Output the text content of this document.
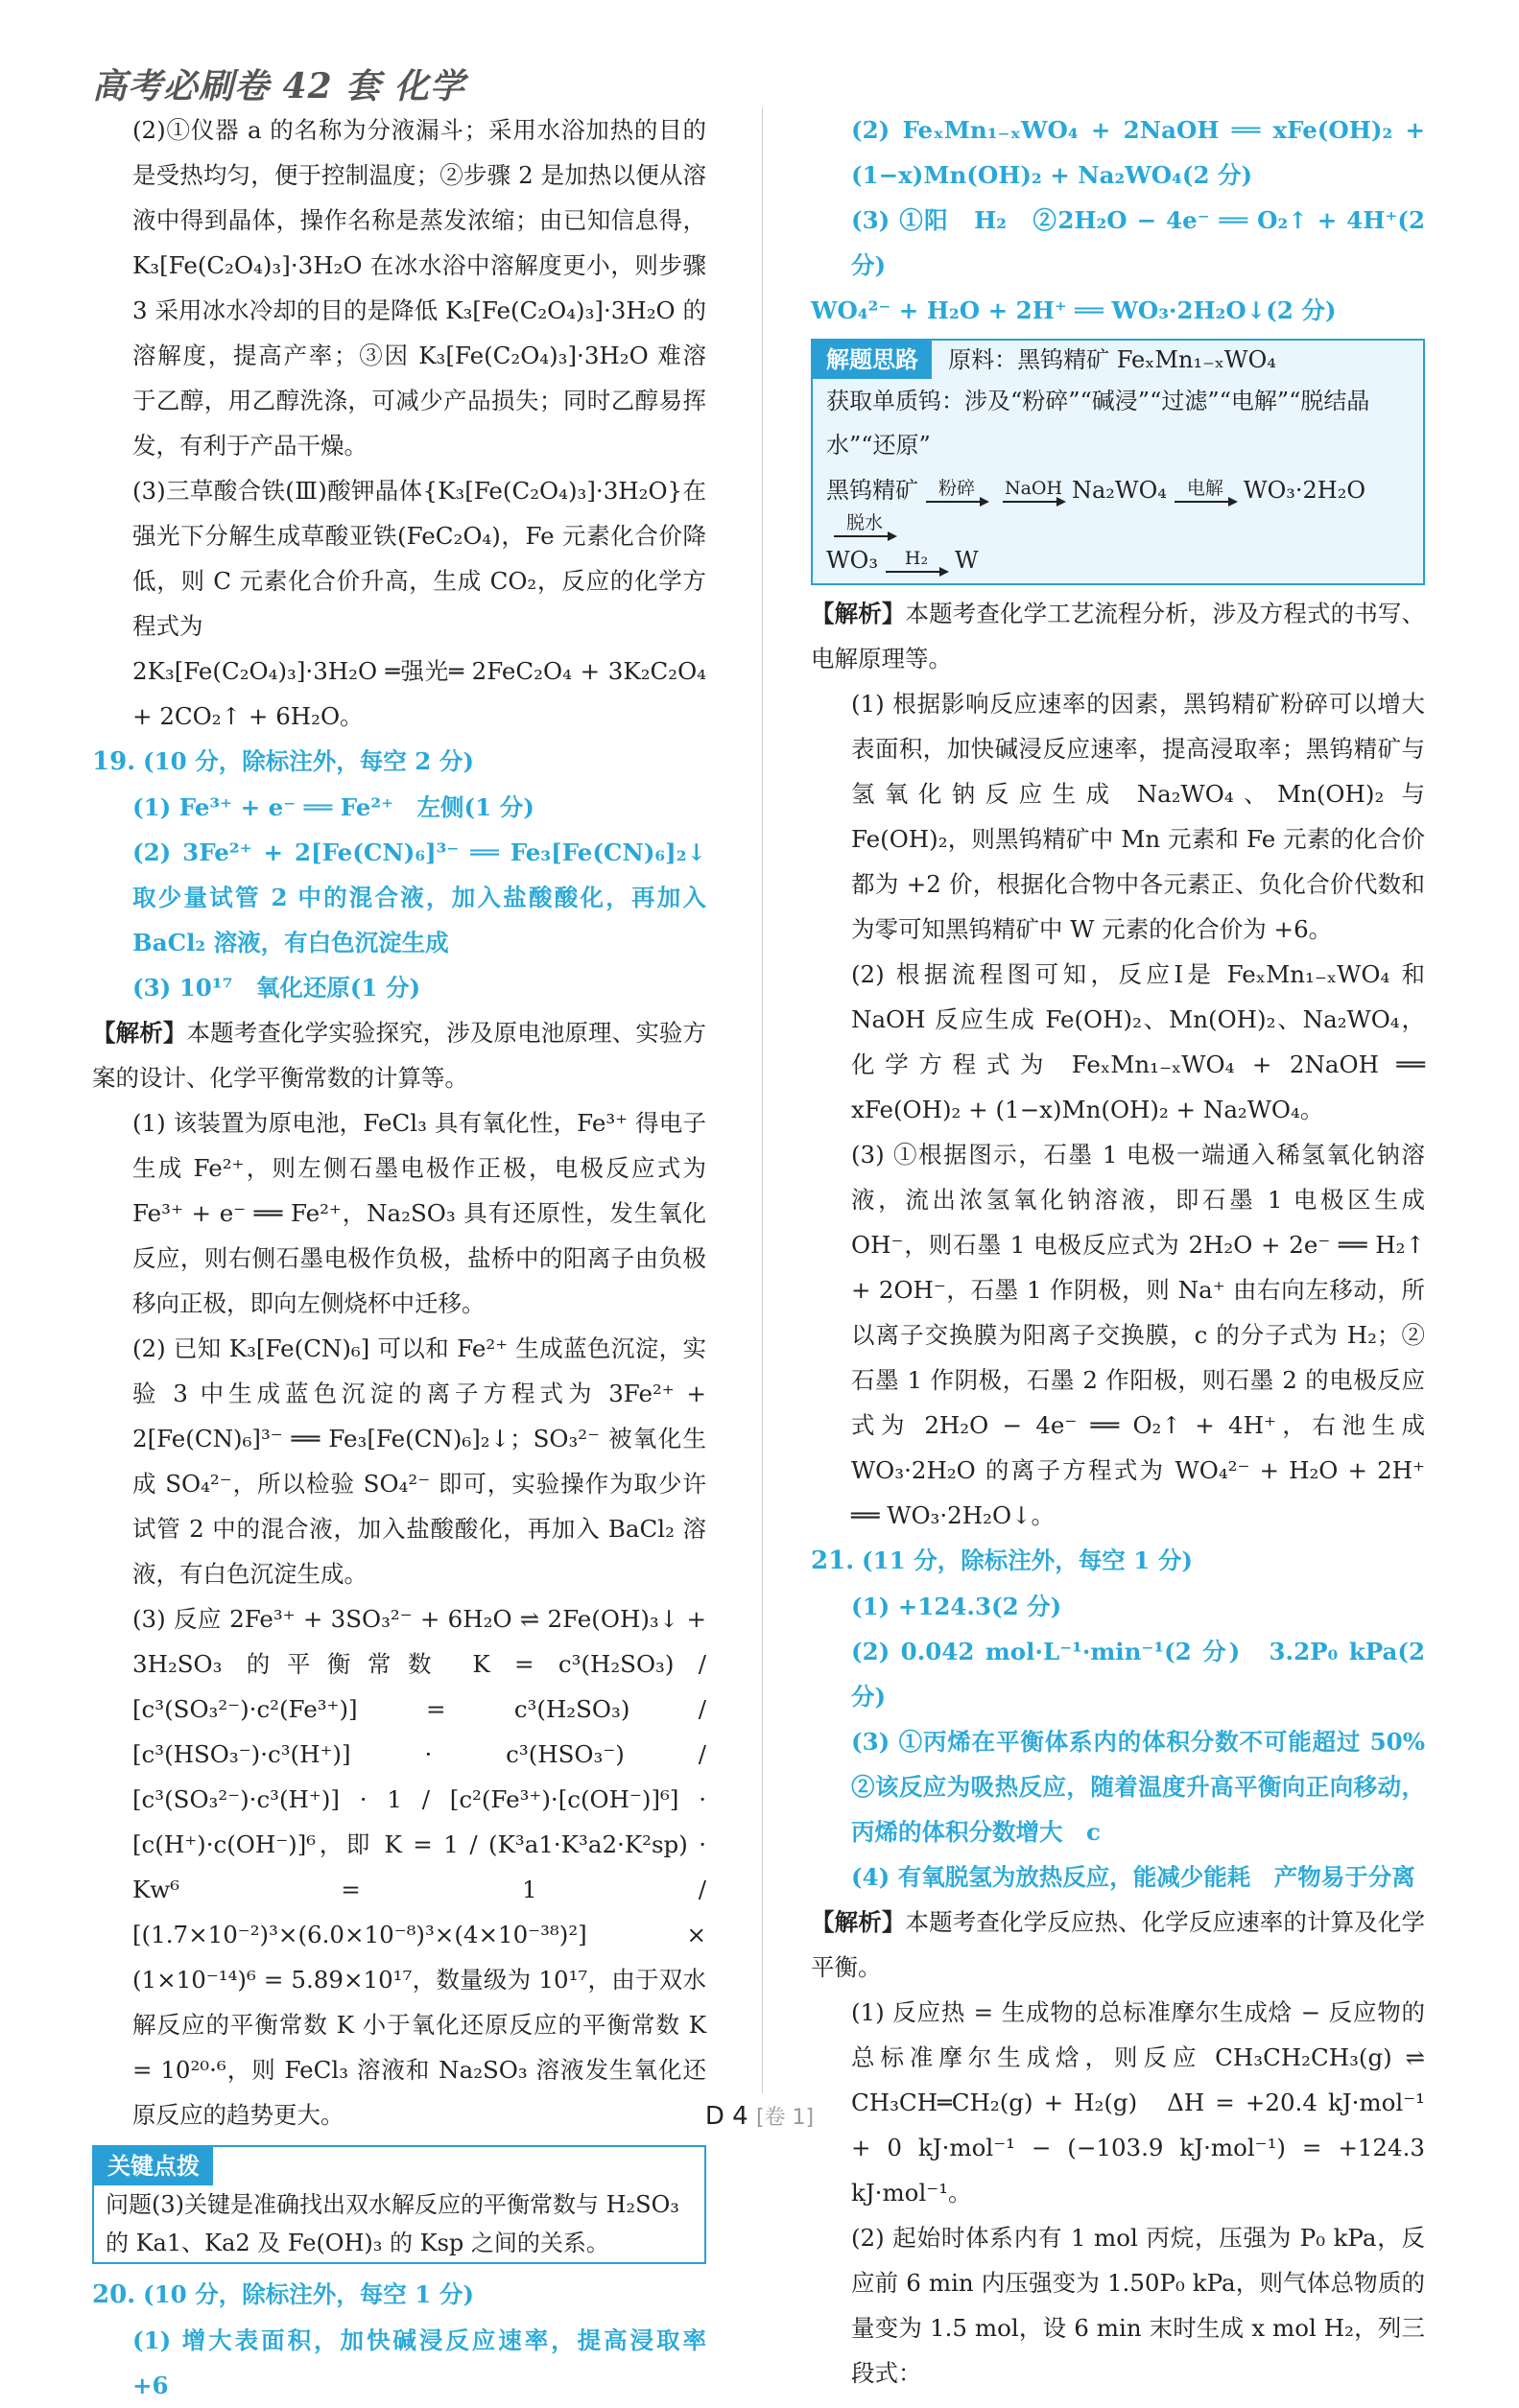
高考必刷卷 42 套 化学

(2)①仪器 a 的名称为分液漏斗；采用水浴加热的目的是受热均匀，便于控制温度；②步骤 2 是加热以便从溶液中得到晶体，操作名称是蒸发浓缩；由已知信息得，K₃[Fe(C₂O₄)₃]·3H₂O 在冰水浴中溶解度更小，则步骤 3 采用冰水冷却的目的是降低 K₃[Fe(C₂O₄)₃]·3H₂O 的溶解度，提高产率；③因 K₃[Fe(C₂O₄)₃]·3H₂O 难溶于乙醇，用乙醇洗涤，可减少产品损失；同时乙醇易挥发，有利于产品干燥。

(3)三草酸合铁(Ⅲ)酸钾晶体{K₃[Fe(C₂O₄)₃]·3H₂O}在强光下分解生成草酸亚铁(FeC₂O₄)，Fe 元素化合价降低，则 C 元素化合价升高，生成 CO₂，反应的化学方程式为

2K₃[Fe(C₂O₄)₃]·3H₂O ═强光═ 2FeC₂O₄ + 3K₂C₂O₄ + 2CO₂↑ + 6H₂O。

19. (10 分，除标注外，每空 2 分)

(1) Fe³⁺ + e⁻ ══ Fe²⁺　左侧(1 分)

(2) 3Fe²⁺ + 2[Fe(CN)₆]³⁻ ══ Fe₃[Fe(CN)₆]₂↓　取少量试管 2 中的混合液，加入盐酸酸化，再加入 BaCl₂ 溶液，有白色沉淀生成

(3) 10¹⁷　氧化还原(1 分)

【解析】本题考查化学实验探究，涉及原电池原理、实验方案的设计、化学平衡常数的计算等。

(1) 该装置为原电池，FeCl₃ 具有氧化性，Fe³⁺ 得电子生成 Fe²⁺，则左侧石墨电极作正极，电极反应式为 Fe³⁺ + e⁻ ══ Fe²⁺，Na₂SO₃ 具有还原性，发生氧化反应，则右侧石墨电极作负极，盐桥中的阳离子由负极移向正极，即向左侧烧杯中迁移。

(2) 已知 K₃[Fe(CN)₆] 可以和 Fe²⁺ 生成蓝色沉淀，实验 3 中生成蓝色沉淀的离子方程式为 3Fe²⁺ + 2[Fe(CN)₆]³⁻ ══ Fe₃[Fe(CN)₆]₂↓；SO₃²⁻ 被氧化生成 SO₄²⁻，所以检验 SO₄²⁻ 即可，实验操作为取少许试管 2 中的混合液，加入盐酸酸化，再加入 BaCl₂ 溶液，有白色沉淀生成。

(3) 反应 2Fe³⁺ + 3SO₃²⁻ + 6H₂O ⇌ 2Fe(OH)₃↓ + 3H₂SO₃ 的平衡常数 K = c³(H₂SO₃) / [c³(SO₃²⁻)·c²(Fe³⁺)] = c³(H₂SO₃) / [c³(HSO₃⁻)·c³(H⁺)] · c³(HSO₃⁻) / [c³(SO₃²⁻)·c³(H⁺)] · 1 / [c²(Fe³⁺)·[c(OH⁻)]⁶] · [c(H⁺)·c(OH⁻)]⁶，即 K = 1 / (K³a1·K³a2·K²sp) · Kw⁶ = 1 / [(1.7×10⁻²)³×(6.0×10⁻⁸)³×(4×10⁻³⁸)²] × (1×10⁻¹⁴)⁶ = 5.89×10¹⁷，数量级为 10¹⁷，由于双水解反应的平衡常数 K 小于氧化还原反应的平衡常数 K = 10²⁰·⁶，则 FeCl₃ 溶液和 Na₂SO₃ 溶液发生氧化还原反应的趋势更大。

关键点拨 问题(3)关键是准确找出双水解反应的平衡常数与 H₂SO₃ 的 Ka1、Ka2 及 Fe(OH)₃ 的 Ksp 之间的关系。

20. (10 分，除标注外，每空 1 分)

(1) 增大表面积，加快碱浸反应速率，提高浸取率　+6

(2) FeₓMn₁₋ₓWO₄ + 2NaOH ══ xFe(OH)₂ + (1−x)Mn(OH)₂ + Na₂WO₄(2 分)

(3) ①阳　H₂　②2H₂O − 4e⁻ ══ O₂↑ + 4H⁺(2 分)

WO₄²⁻ + H₂O + 2H⁺ ══ WO₃·2H₂O↓(2 分)

解题思路 原料：黑钨精矿 FeₓMn₁₋ₓWO₄
获取单质钨：涉及“粉碎”“碱浸”“过滤”“电解”“脱结晶水”“还原”
黑钨精矿 粉碎 NaOH Na₂WO₄ 电解 WO₃·2H₂O
脱水
WO₃ H₂ W

【解析】本题考查化学工艺流程分析，涉及方程式的书写、电解原理等。

(1) 根据影响反应速率的因素，黑钨精矿粉碎可以增大表面积，加快碱浸反应速率，提高浸取率；黑钨精矿与氢氧化钠反应生成 Na₂WO₄、Mn(OH)₂ 与 Fe(OH)₂，则黑钨精矿中 Mn 元素和 Fe 元素的化合价都为 +2 价，根据化合物中各元素正、负化合价代数和为零可知黑钨精矿中 W 元素的化合价为 +6。

(2) 根据流程图可知，反应Ⅰ是 FeₓMn₁₋ₓWO₄ 和 NaOH 反应生成 Fe(OH)₂、Mn(OH)₂、Na₂WO₄，化学方程式为 FeₓMn₁₋ₓWO₄ + 2NaOH ══ xFe(OH)₂ + (1−x)Mn(OH)₂ + Na₂WO₄。

(3) ①根据图示，石墨 1 电极一端通入稀氢氧化钠溶液，流出浓氢氧化钠溶液，即石墨 1 电极区生成 OH⁻，则石墨 1 电极反应式为 2H₂O + 2e⁻ ══ H₂↑ + 2OH⁻，石墨 1 作阴极，则 Na⁺ 由右向左移动，所以离子交换膜为阳离子交换膜，c 的分子式为 H₂；②石墨 1 作阴极，石墨 2 作阳极，则石墨 2 的电极反应式为 2H₂O − 4e⁻ ══ O₂↑ + 4H⁺，右池生成 WO₃·2H₂O 的离子方程式为 WO₄²⁻ + H₂O + 2H⁺ ══ WO₃·2H₂O↓。

21. (11 分，除标注外，每空 1 分)

(1) +124.3(2 分)

(2) 0.042 mol·L⁻¹·min⁻¹(2 分)　3.2P₀ kPa(2 分)

(3) ①丙烯在平衡体系内的体积分数不可能超过 50%　②该反应为吸热反应，随着温度升高平衡向正向移动，丙烯的体积分数增大　c

(4) 有氧脱氢为放热反应，能减少能耗　产物易于分离

【解析】本题考查化学反应热、化学反应速率的计算及化学平衡。

(1) 反应热 = 生成物的总标准摩尔生成焓 − 反应物的总标准摩尔生成焓，则反应 CH₃CH₂CH₃(g) ⇌ CH₃CH═CH₂(g) + H₂(g)　ΔH = +20.4 kJ·mol⁻¹ + 0 kJ·mol⁻¹ − (−103.9 kJ·mol⁻¹) = +124.3 kJ·mol⁻¹。

(2) 起始时体系内有 1 mol 丙烷，压强为 P₀ kPa，反应前 6 min 内压强变为 1.50P₀ kPa，则气体总物质的量变为 1.5 mol，设 6 min 末时生成 x mol H₂，列三段式：

D 4 [卷 1]
